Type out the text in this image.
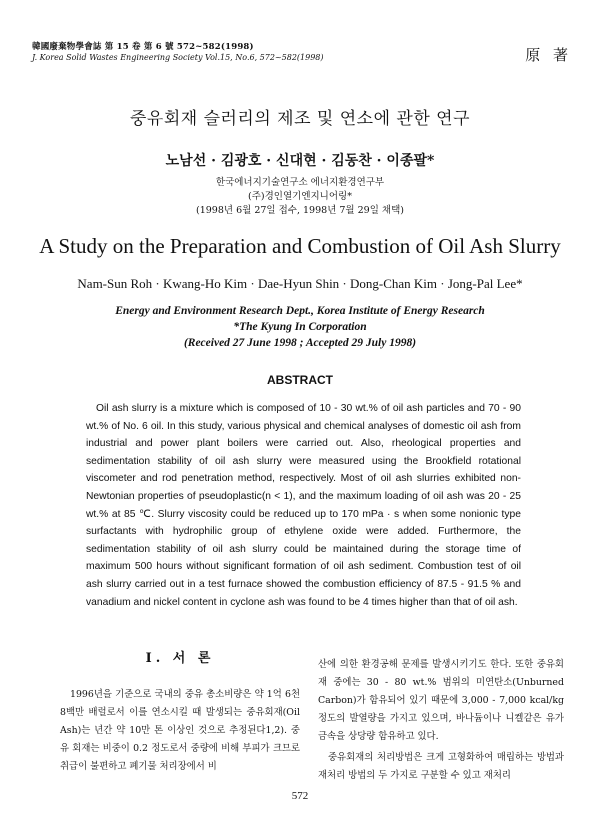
韓國廢棄物學會誌 第 15 卷 第 6 號 572~582(1998)
J. Korea Solid Wastes Engineering Society Vol.15, No.6, 572~582(1998)	原 著
중유회재 슬러리의 제조 및 연소에 관한 연구
노남선 · 김광호 · 신대현 · 김동찬 · 이종팔*
한국에너지기술연구소 에너지환경연구부
(주)경인열기엔지니어링*
(1998년 6월 27일 접수, 1998년 7월 29일 채택)
A Study on the Preparation and Combustion of Oil Ash Slurry
Nam-Sun Roh · Kwang-Ho Kim · Dae-Hyun Shin · Dong-Chan Kim · Jong-Pal Lee*
Energy and Environment Research Dept., Korea Institute of Energy Research
*The Kyung In Corporation
(Received 27 June 1998 ; Accepted 29 July 1998)
ABSTRACT
Oil ash slurry is a mixture which is composed of 10 - 30 wt.% of oil ash particles and 70 - 90 wt.% of No. 6 oil. In this study, various physical and chemical analyses of domestic oil ash from industrial and power plant boilers were carried out. Also, rheological properties and sedimentation stability of oil ash slurry were measured using the Brookfield rotational viscometer and rod penetration method, respectively. Most of oil ash slurries exhibited non-Newtonian properties of pseudoplastic(n < 1), and the maximum loading of oil ash was 20 - 25 wt.% at 85 ℃. Slurry viscosity could be reduced up to 170 mPa · s when some nonionic type surfactants with hydrophilic group of ethylene oxide were added. Furthermore, the sedimentation stability of oil ash slurry could be maintained during the storage time of maximum 500 hours without significant formation of oil ash sediment. Combustion test of oil ash slurry carried out in a test furnace showed the combustion efficiency of 87.5 - 91.5 % and vanadium and nickel content in cyclone ash was found to be 4 times higher than that of oil ash.
I. 서 론

1996년을 기준으로 국내의 중유 총소비량은 약 1억 6천8백만 배럴로서 이를 연소시킬 때 발생되는 중유회재(Oil Ash)는 년간 약 10만 톤 이상인 것으로 추정된다1,2). 중유 회재는 비중이 0.2 정도로서 중량에 비해 부피가 크므로 취급이 불편하고 폐기물 처리장에서 비

산에 의한 환경공해 문제를 발생시키기도 한다. 또한 중유회재 중에는 30 - 80 wt.% 범위의 미연탄소(Unburned Carbon)가 함유되어 있기 때문에 3,000 - 7,000 kcal/kg 정도의 발열량을 가지고 있으며, 바나듐이나 니켈같은 유가금속을 상당량 함유하고 있다.

중유회재의 처리방법은 크게 고형화하여 매립하는 방법과 재처리 방법의 두 가지로 구분할 수 있고 재처리

572
